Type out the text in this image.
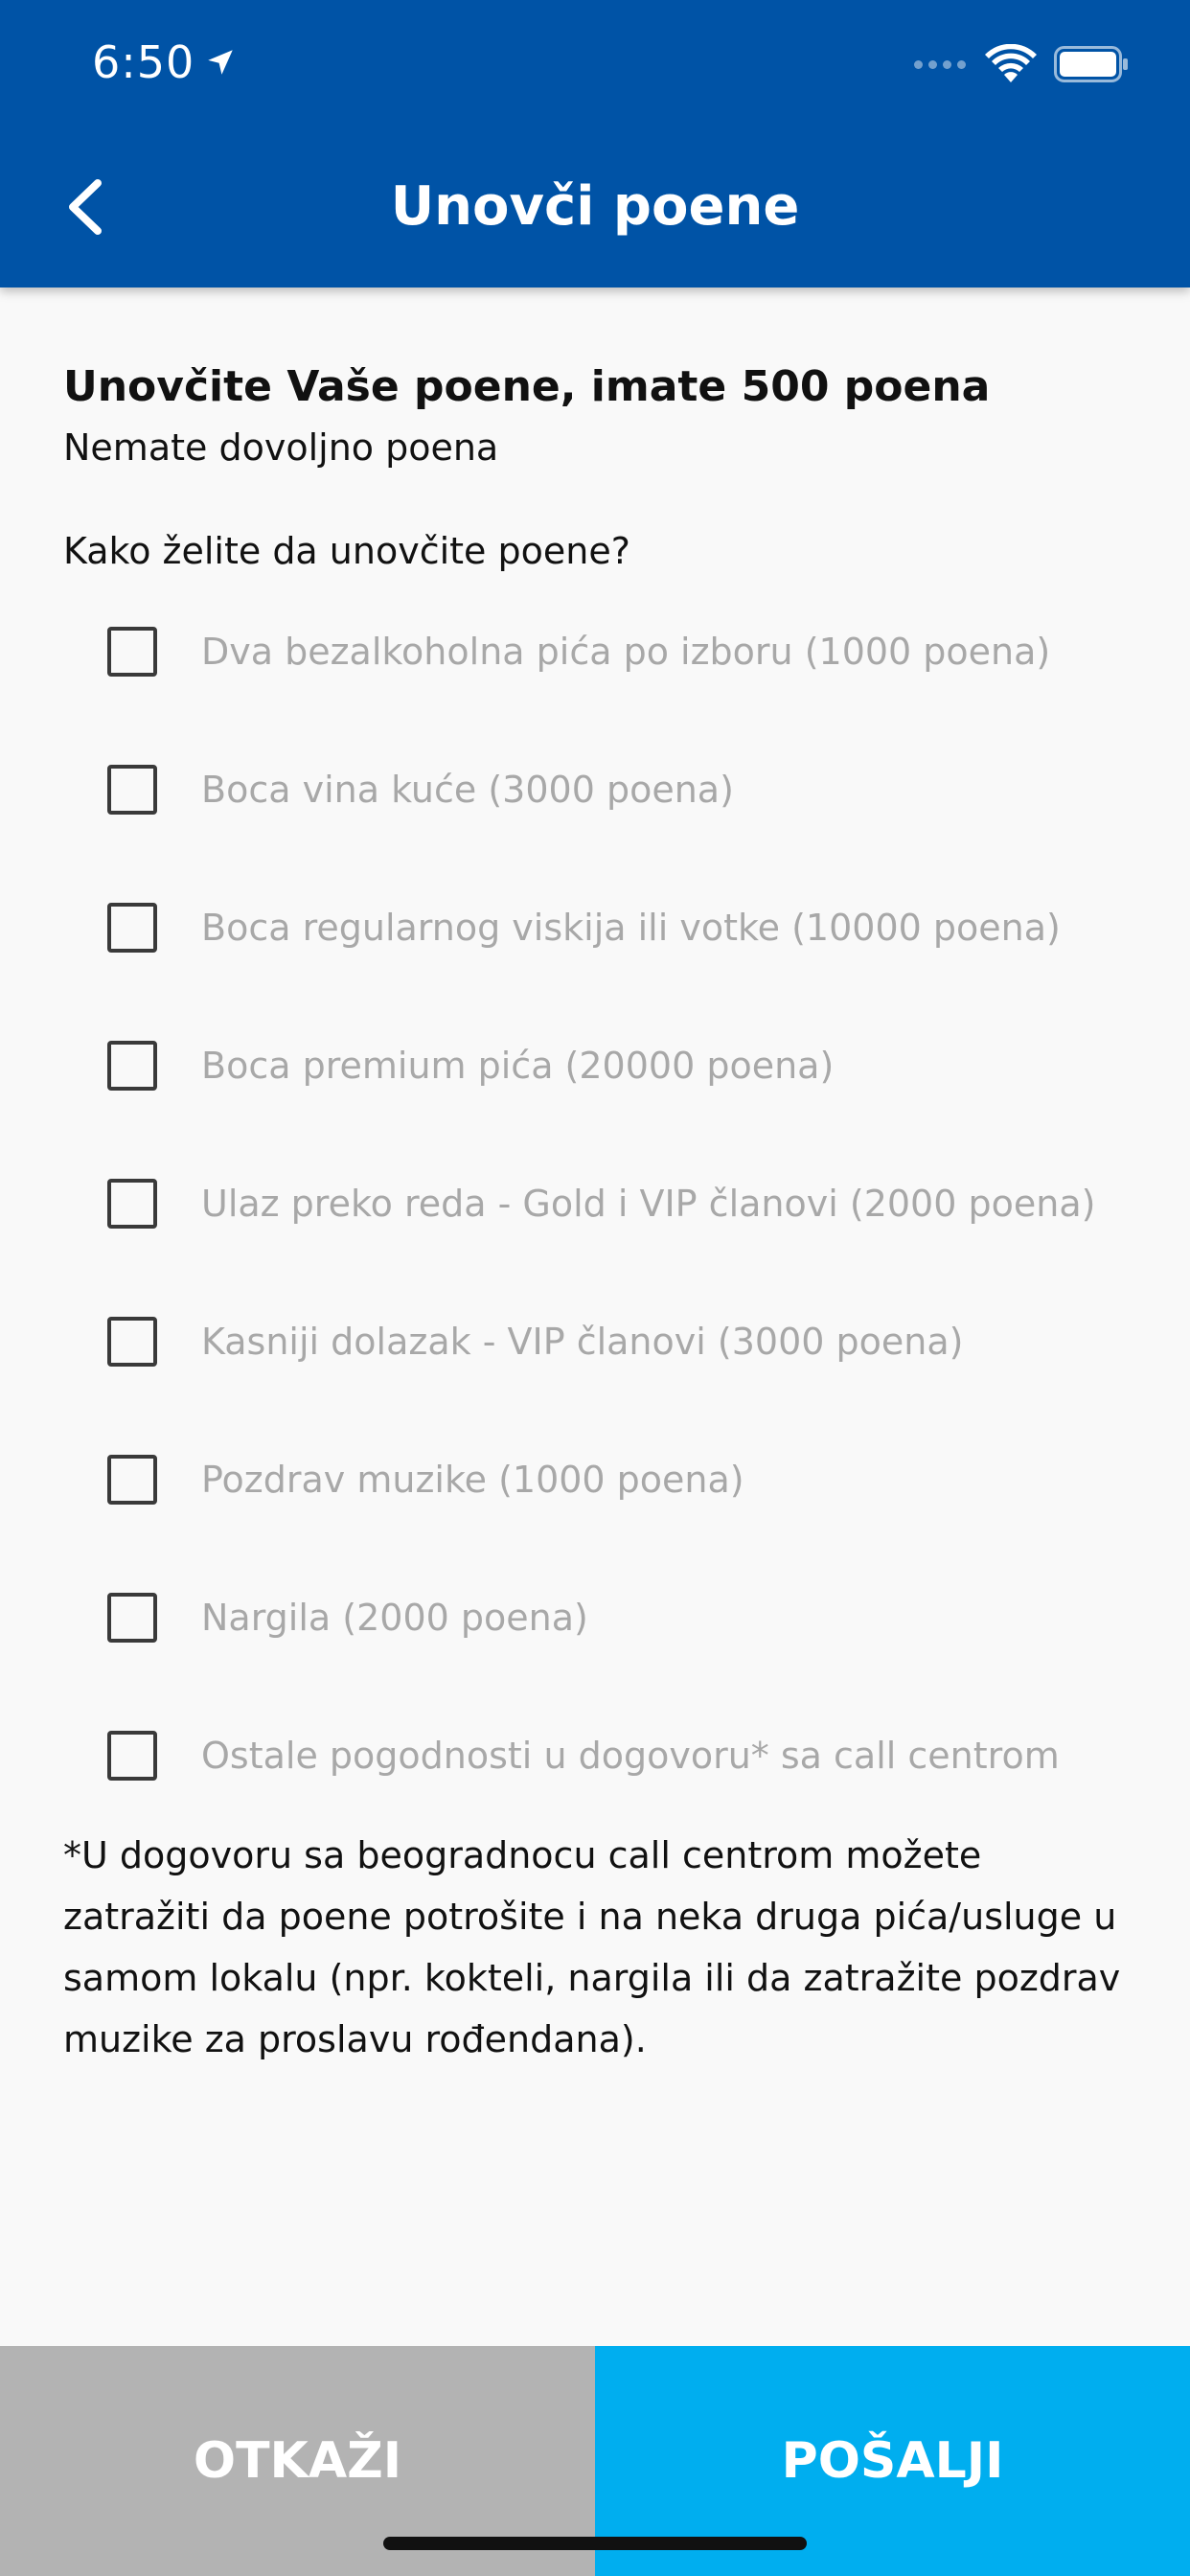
6:50
Unovči poene
Unovčite Vaše poene, imate 500 poena
Nemate dovoljno poena
Kako želite da unovčite poene?
Dva bezalkoholna pića po izboru (1000 poena)
Boca vina kuće (3000 poena)
Boca regularnog viskija ili votke (10000 poena)
Boca premium pića (20000 poena)
Ulaz preko reda - Gold i VIP članovi (2000 poena)
Kasniji dolazak - VIP članovi (3000 poena)
Pozdrav muzike (1000 poena)
Nargila (2000 poena)
Ostale pogodnosti u dogovoru* sa call centrom
*U dogovoru sa beogradnocu call centrom možete zatražiti da poene potrošite i na neka druga pića/usluge u samom lokalu (npr. kokteli, nargila ili da zatražite pozdrav muzike za proslavu rođendana).
OTKAŽI	POŠALJI
